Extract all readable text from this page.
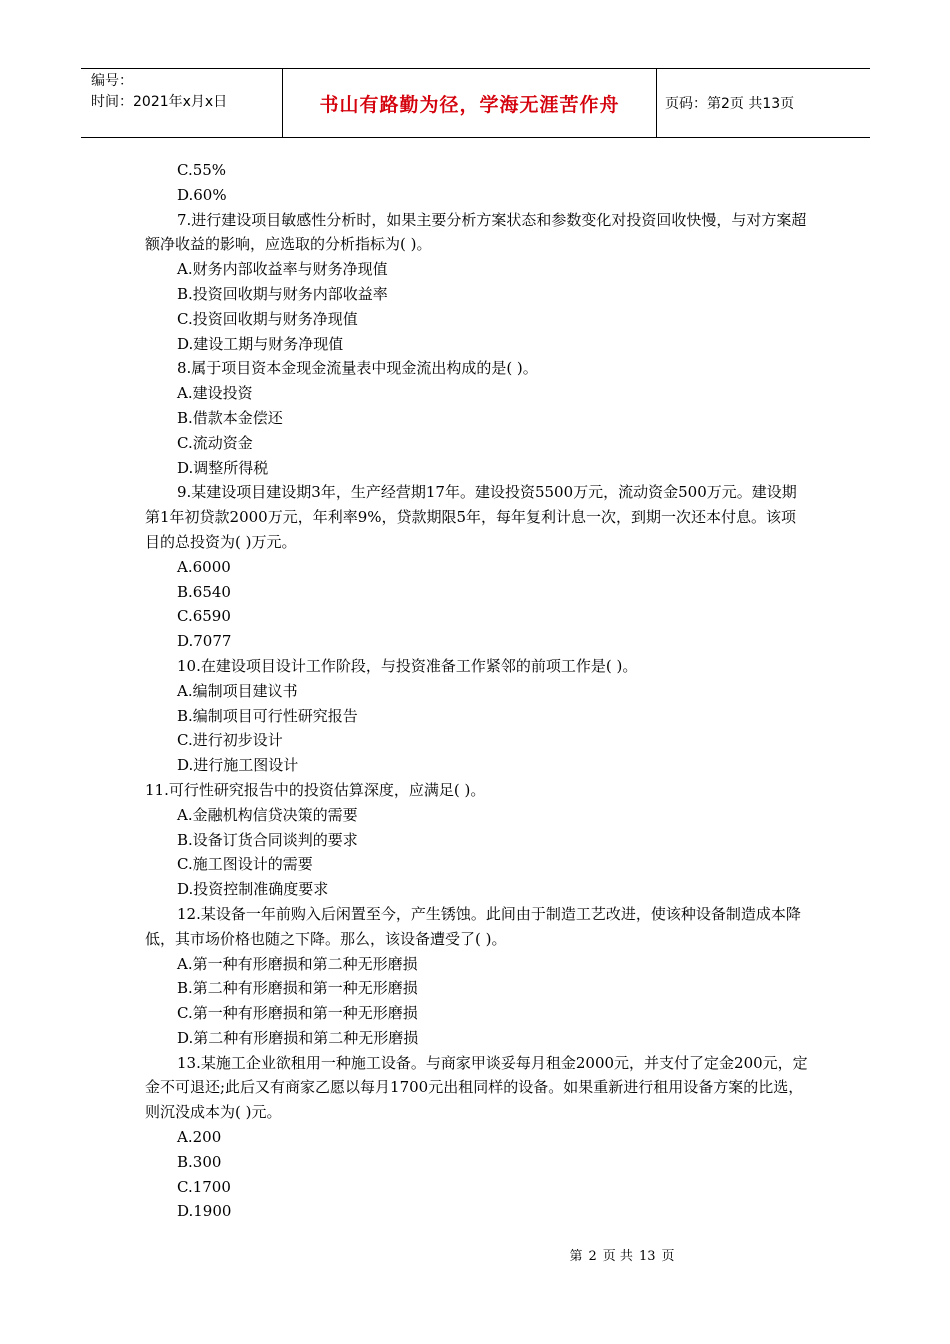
编号：
时间：2021年x月x日	书山有路勤为径，学海无涯苦作舟	页码：第2页 共13页

C.55%

D.60%

7.进行建设项目敏感性分析时，如果主要分析方案状态和参数变化对投资回收快慢，与对方案超额净收益的影响，应选取的分析指标为( )。

A.财务内部收益率与财务净现值

B.投资回收期与财务内部收益率

C.投资回收期与财务净现值

D.建设工期与财务净现值

8.属于项目资本金现金流量表中现金流出构成的是( )。

A.建设投资

B.借款本金偿还

C.流动资金

D.调整所得税

9.某建设项目建设期3年，生产经营期17年。建设投资5500万元，流动资金500万元。建设期第1年初贷款2000万元，年利率9%，贷款期限5年，每年复利计息一次，到期一次还本付息。该项目的总投资为( )万元。

A.6000

B.6540

C.6590

D.7077

10.在建设项目设计工作阶段，与投资准备工作紧邻的前项工作是( )。

A.编制项目建议书

B.编制项目可行性研究报告

C.进行初步设计

D.进行施工图设计

11.可行性研究报告中的投资估算深度，应满足( )。

A.金融机构信贷决策的需要

B.设备订货合同谈判的要求

C.施工图设计的需要

D.投资控制准确度要求

12.某设备一年前购入后闲置至今，产生锈蚀。此间由于制造工艺改进，使该种设备制造成本降低，其市场价格也随之下降。那么，该设备遭受了( )。

A.第一种有形磨损和第二种无形磨损

B.第二种有形磨损和第一种无形磨损

C.第一种有形磨损和第一种无形磨损

D.第二种有形磨损和第二种无形磨损

13.某施工企业欲租用一种施工设备。与商家甲谈妥每月租金2000元，并支付了定金200元，定金不可退还;此后又有商家乙愿以每月1700元出租同样的设备。如果重新进行租用设备方案的比选，则沉没成本为( )元。

A.200

B.300

C.1700

D.1900

第 2 页 共 13 页
